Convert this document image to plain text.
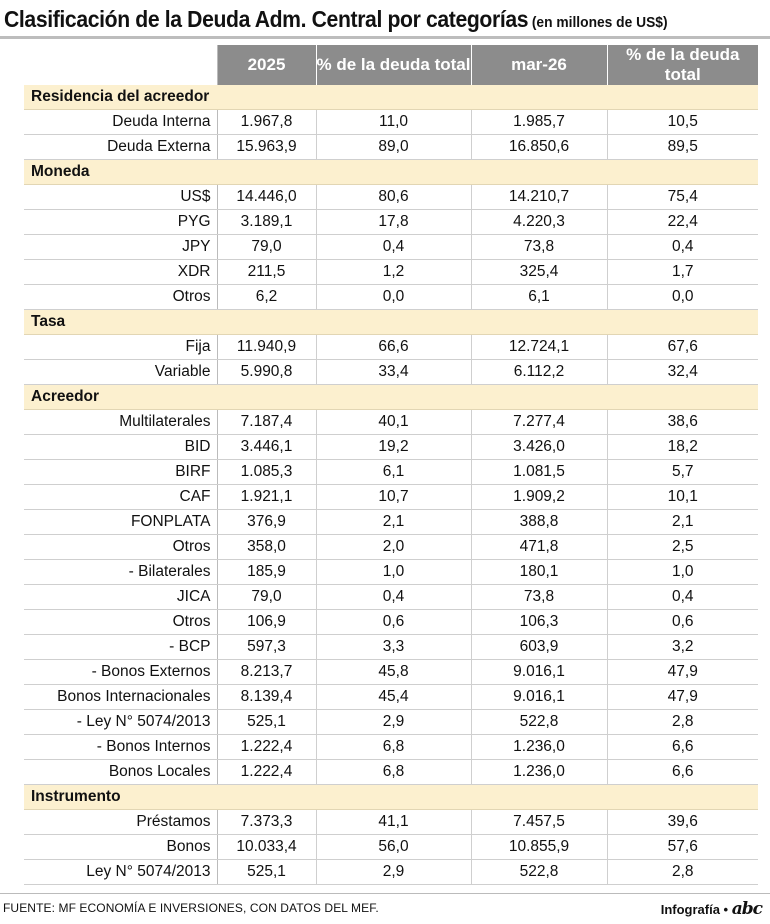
Clasificación de la Deuda Adm. Central por categorías (en millones de US$)
	2025	% de la deuda total	mar-26	% de la deuda total
Residencia del acreedor				
Deuda Interna	1.967,8	11,0	1.985,7	10,5
Deuda Externa	15.963,9	89,0	16.850,6	89,5
Moneda				
US$	14.446,0	80,6	14.210,7	75,4
PYG	3.189,1	17,8	4.220,3	22,4
JPY	79,0	0,4	73,8	0,4
XDR	211,5	1,2	325,4	1,7
Otros	6,2	0,0	6,1	0,0
Tasa				
Fija	11.940,9	66,6	12.724,1	67,6
Variable	5.990,8	33,4	6.112,2	32,4
Acreedor				
Multilaterales	7.187,4	40,1	7.277,4	38,6
BID	3.446,1	19,2	3.426,0	18,2
BIRF	1.085,3	6,1	1.081,5	5,7
CAF	1.921,1	10,7	1.909,2	10,1
FONPLATA	376,9	2,1	388,8	2,1
Otros	358,0	2,0	471,8	2,5
- Bilaterales	185,9	1,0	180,1	1,0
JICA	79,0	0,4	73,8	0,4
Otros	106,9	0,6	106,3	0,6
- BCP	597,3	3,3	603,9	3,2
- Bonos Externos	8.213,7	45,8	9.016,1	47,9
Bonos Internacionales	8.139,4	45,4	9.016,1	47,9
- Ley N° 5074/2013	525,1	2,9	522,8	2,8
- Bonos Internos	1.222,4	6,8	1.236,0	6,6
Bonos Locales	1.222,4	6,8	1.236,0	6,6
Instrumento				
Préstamos	7.373,3	41,1	7.457,5	39,6
Bonos	10.033,4	56,0	10.855,9	57,6
Ley N° 5074/2013	525,1	2,9	522,8	2,8
FUENTE: MF ECONOMÍA E INVERSIONES, CON DATOS DEL MEF.	Infografía • abc
